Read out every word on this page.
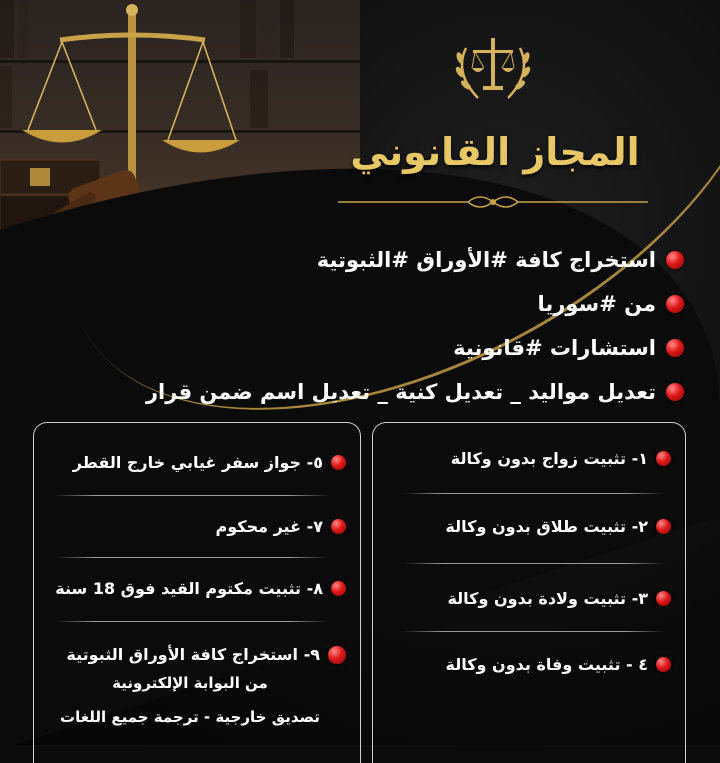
المجاز القانوني
استخراج كافة #الأوراق #الثبوتية
من #سوريا
استشارات #قانونية
تعديل مواليد _ تعديل كنية _ تعديل اسم ضمن قرار
١- تثبيت زواج بدون وكالة
٢- تثبيت طلاق بدون وكالة
٣- تثبيت ولادة بدون وكالة
٤ - تثبيت وفاة بدون وكالة
٥- جواز سفر غيابي خارج القطر
٧- غير محكوم
٨- تثبيت مكتوم القيد فوق 18 سنة
٩- استخراج كافة الأوراق الثبوتية
من البوابة الإلكترونية
تصديق خارجية - ترجمة جميع اللغات
